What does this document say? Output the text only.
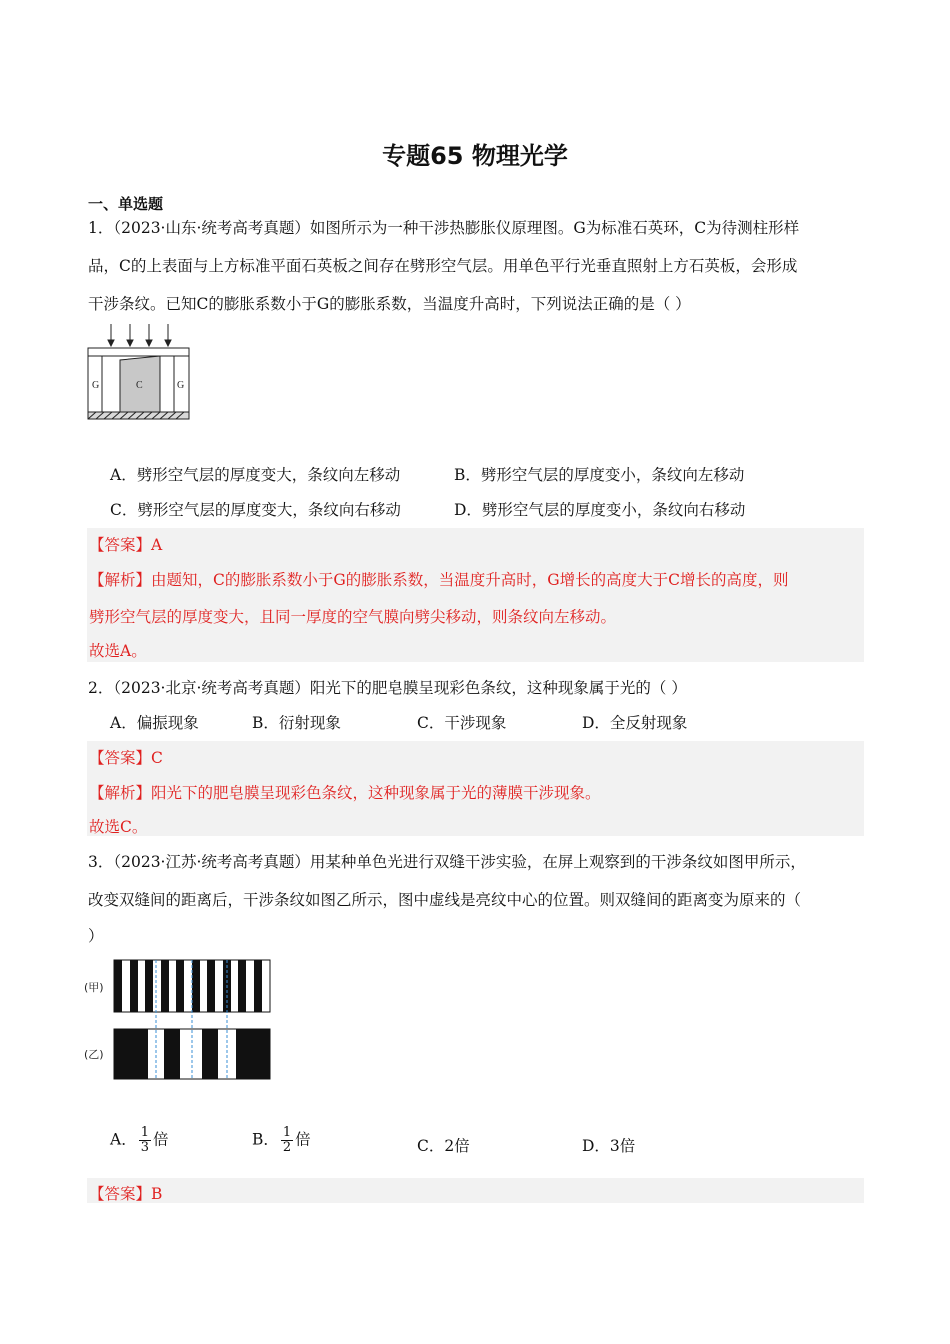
专题65 物理光学
一、单选题
1．（2023·山东·统考高考真题）如图所示为一种干涉热膨胀仪原理图。G为标准石英环，C为待测柱形样
品，C的上表面与上方标准平面石英板之间存在劈形空气层。用单色平行光垂直照射上方石英板，会形成
干涉条纹。已知C的膨胀系数小于G的膨胀系数，当温度升高时，下列说法正确的是（ ）
G	C	G
A．劈形空气层的厚度变大，条纹向左移动	B．劈形空气层的厚度变小，条纹向左移动
C．劈形空气层的厚度变大，条纹向右移动	D．劈形空气层的厚度变小，条纹向右移动
【答案】A
【解析】由题知，C的膨胀系数小于G的膨胀系数，当温度升高时，G增长的高度大于C增长的高度，则
劈形空气层的厚度变大，且同一厚度的空气膜向劈尖移动，则条纹向左移动。
故选A。
2．（2023·北京·统考高考真题）阳光下的肥皂膜呈现彩色条纹，这种现象属于光的（ ）
A．偏振现象	B．衍射现象	C．干涉现象	D．全反射现象
【答案】C
【解析】阳光下的肥皂膜呈现彩色条纹，这种现象属于光的薄膜干涉现象。
故选C。
3．（2023·江苏·统考高考真题）用某种单色光进行双缝干涉实验，在屏上观察到的干涉条纹如图甲所示，
改变双缝间的距离后，干涉条纹如图乙所示，图中虚线是亮纹中心的位置。则双缝间的距离变为原来的（
）
(甲)
(乙)
A． $\frac{1}{3}$ 倍	B． $\frac{1}{2}$ 倍	C．2倍	D．3倍
【答案】B
